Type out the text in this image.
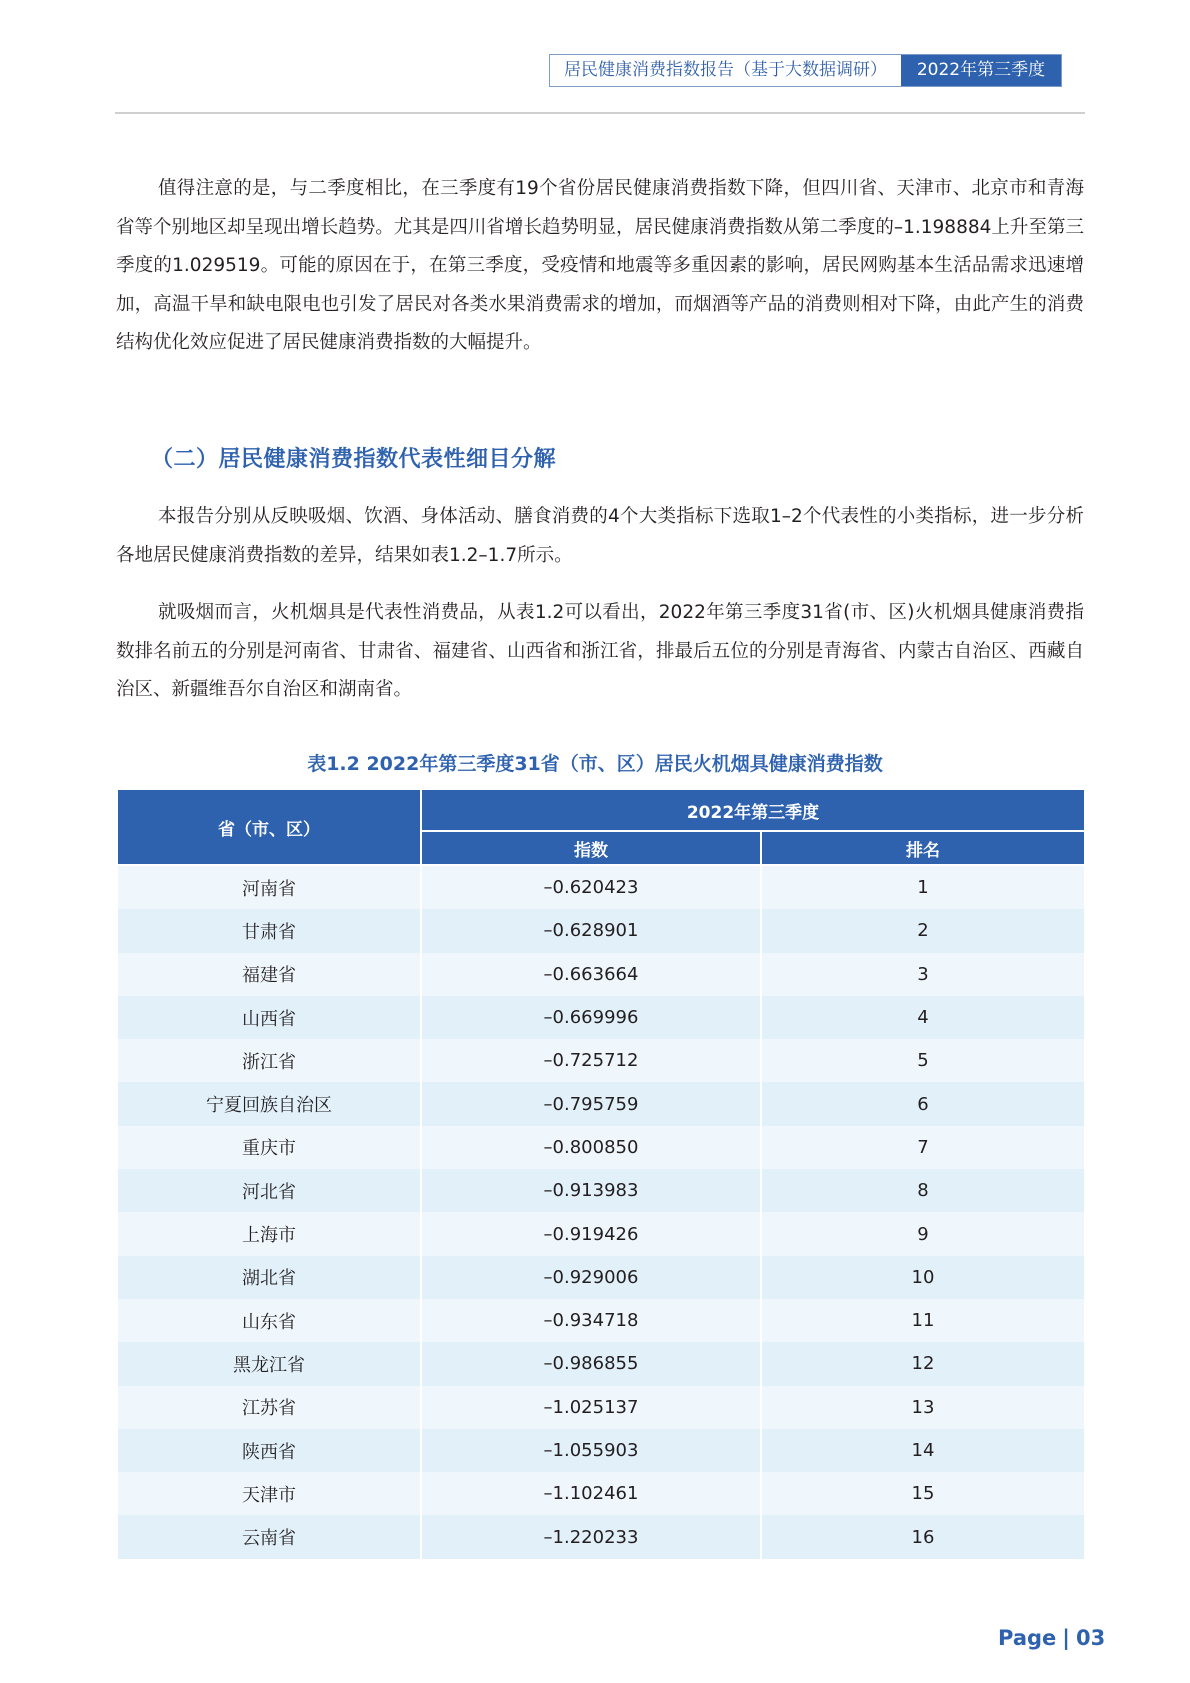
居民健康消费指数报告（基于大数据调研）	2022年第三季度

值得注意的是，与二季度相比，在三季度有19个省份居民健康消费指数下降，但四川省、天津市、北京市和青海省等个别地区却呈现出增长趋势。尤其是四川省增长趋势明显，居民健康消费指数从第二季度的–1.198884上升至第三季度的1.029519。可能的原因在于，在第三季度，受疫情和地震等多重因素的影响，居民网购基本生活品需求迅速增加，高温干旱和缺电限电也引发了居民对各类水果消费需求的增加，而烟酒等产品的消费则相对下降，由此产生的消费结构优化效应促进了居民健康消费指数的大幅提升。

（二）居民健康消费指数代表性细目分解

本报告分别从反映吸烟、饮酒、身体活动、膳食消费的4个大类指标下选取1–2个代表性的小类指标，进一步分析各地居民健康消费指数的差异，结果如表1.2–1.7所示。

就吸烟而言，火机烟具是代表性消费品，从表1.2可以看出，2022年第三季度31省(市、区)火机烟具健康消费指数排名前五的分别是河南省、甘肃省、福建省、山西省和浙江省，排最后五位的分别是青海省、内蒙古自治区、西藏自治区、新疆维吾尔自治区和湖南省。

表1.2 2022年第三季度31省（市、区）居民火机烟具健康消费指数
省（市、区）	2022年第三季度	
	指数	排名
河南省	–0.620423	1
甘肃省	–0.628901	2
福建省	–0.663664	3
山西省	–0.669996	4
浙江省	–0.725712	5
宁夏回族自治区	–0.795759	6
重庆市	–0.800850	7
河北省	–0.913983	8
上海市	–0.919426	9
湖北省	–0.929006	10
山东省	–0.934718	11
黑龙江省	–0.986855	12
江苏省	–1.025137	13
陕西省	–1.055903	14
天津市	–1.102461	15
云南省	–1.220233	16
Page | 03
